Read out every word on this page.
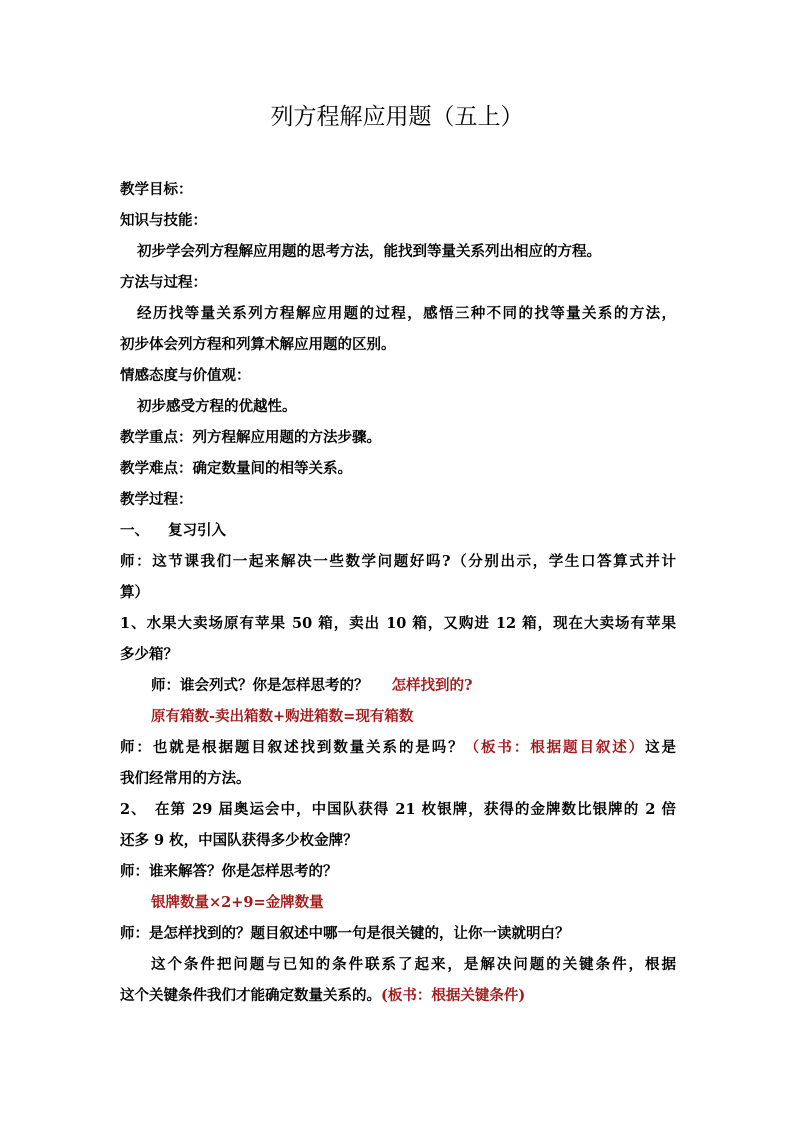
列方程解应用题（五上）
教学目标：
知识与技能：
初步学会列方程解应用题的思考方法，能找到等量关系列出相应的方程。
方法与过程：
经历找等量关系列方程解应用题的过程，感悟三种不同的找等量关系的方法，
初步体会列方程和列算术解应用题的区别。
情感态度与价值观：
初步感受方程的优越性。
教学重点：列方程解应用题的方法步骤。
教学难点：确定数量间的相等关系。
教学过程：
一、 复习引入
师：这节课我们一起来解决一些数学问题好吗?（分别出示，学生口答算式并计
算）
1、水果大卖场原有苹果 50 箱，卖出 10 箱，又购进 12 箱，现在大卖场有苹果
多少箱？
师：谁会列式？你是怎样思考的？ 怎样找到的?
原有箱数-卖出箱数+购进箱数=现有箱数
师：也就是根据题目叙述找到数量关系的是吗？（板书：根据题目叙述）这是
我们经常用的方法。
2、　在第 29 届奥运会中，中国队获得 21 枚银牌，获得的金牌数比银牌的 2 倍
还多 9 枚，中国队获得多少枚金牌？
师：谁来解答？你是怎样思考的？
银牌数量×2+9=金牌数量
师：是怎样找到的？题目叙述中哪一句是很关键的，让你一读就明白？
这个条件把问题与已知的条件联系了起来，是解决问题的关键条件，根据
这个关键条件我们才能确定数量关系的。(板书：根据关键条件)
